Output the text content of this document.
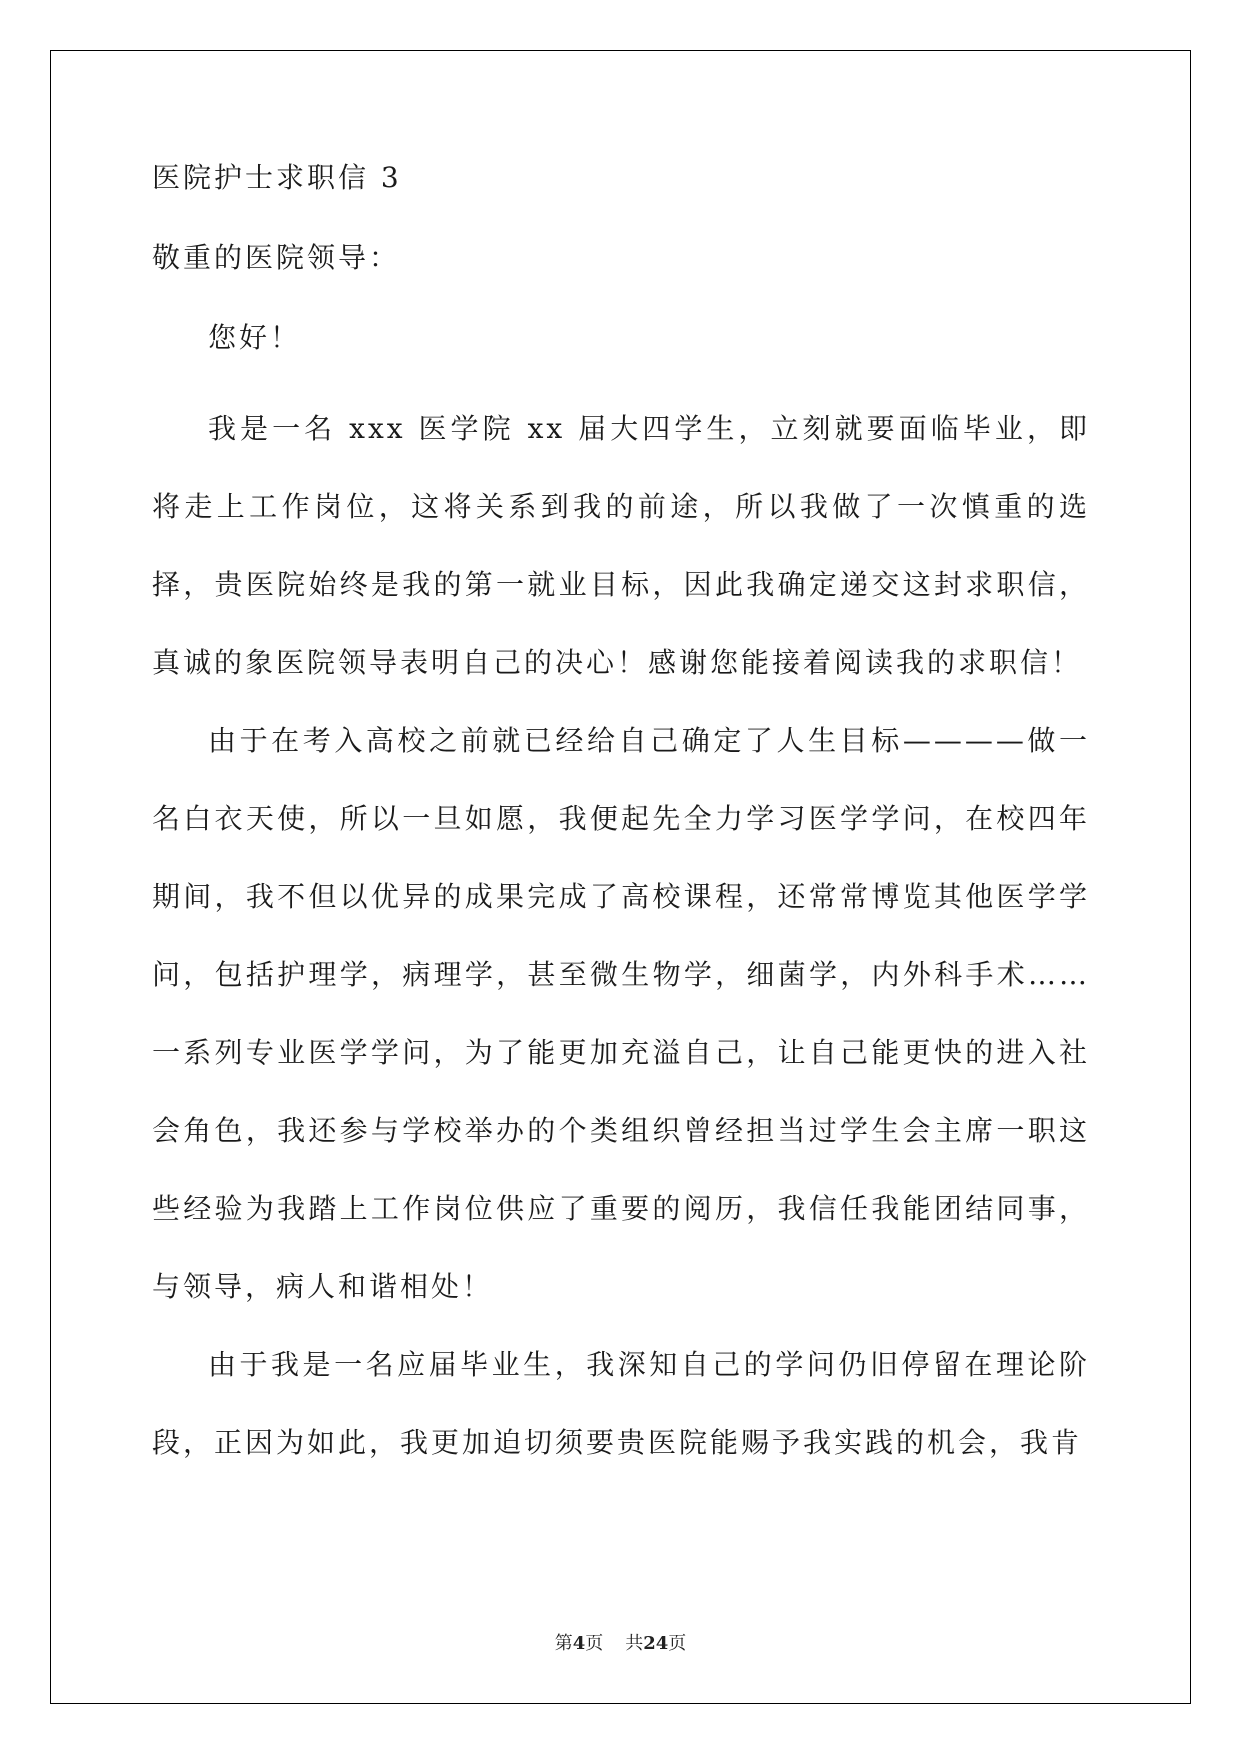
医院护士求职信 3

敬重的医院领导：

您好！

我是一名 xxx 医学院 xx 届大四学生，立刻就要面临毕业，即将走上工作岗位，这将关系到我的前途，所以我做了一次慎重的选择，贵医院始终是我的第一就业目标，因此我确定递交这封求职信，真诚的象医院领导表明自己的决心！感谢您能接着阅读我的求职信！

由于在考入高校之前就已经给自己确定了人生目标————做一名白衣天使，所以一旦如愿，我便起先全力学习医学学问，在校四年期间，我不但以优异的成果完成了高校课程，还常常博览其他医学学问，包括护理学，病理学，甚至微生物学，细菌学，内外科手术……一系列专业医学学问，为了能更加充溢自己，让自己能更快的进入社会角色，我还参与学校举办的个类组织曾经担当过学生会主席一职这些经验为我踏上工作岗位供应了重要的阅历，我信任我能团结同事，与领导，病人和谐相处！

由于我是一名应届毕业生，我深知自己的学问仍旧停留在理论阶段，正因为如此，我更加迫切须要贵医院能赐予我实践的机会，我肯

第4页 共24页
